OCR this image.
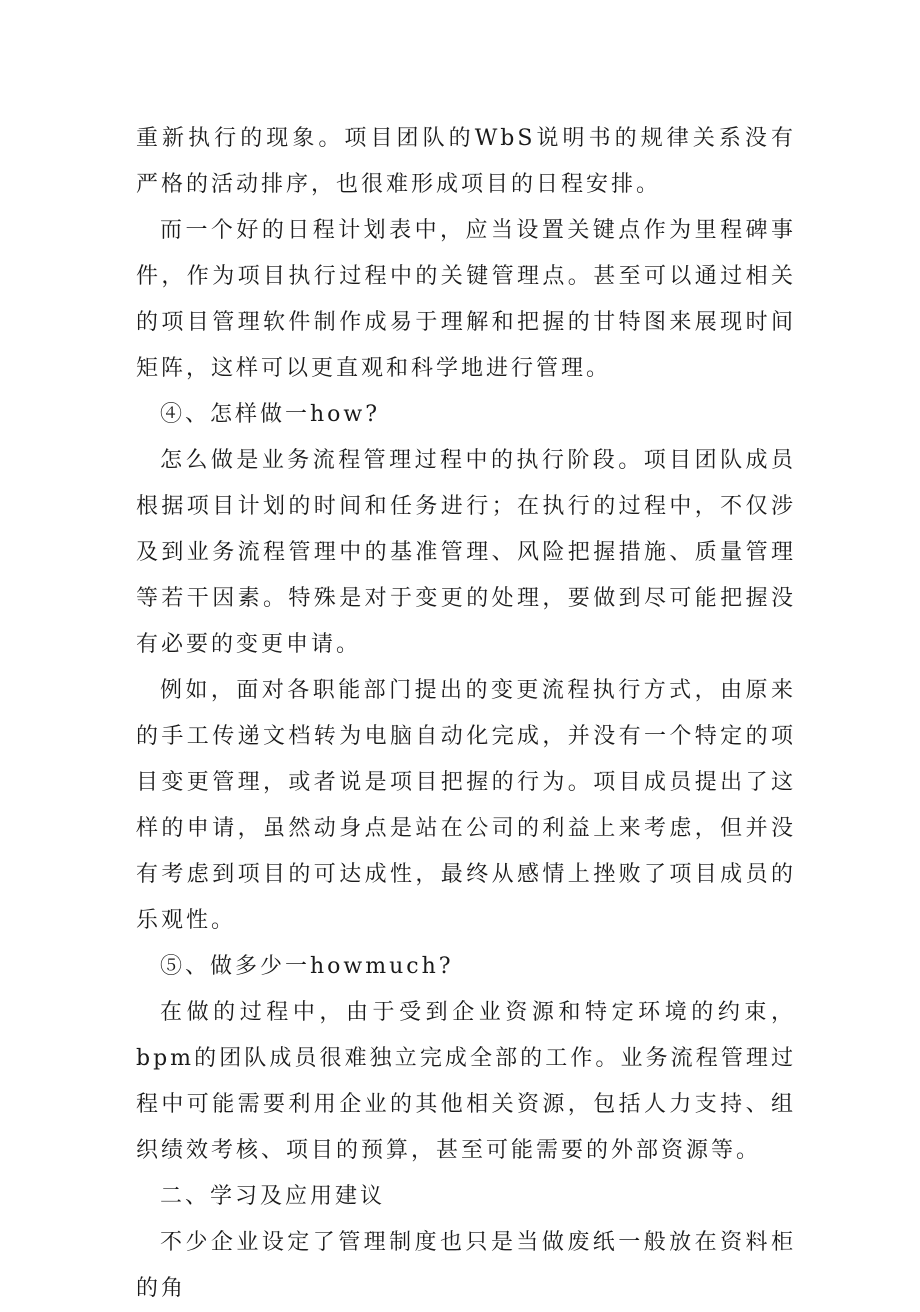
重新执行的现象。项目团队的WbS说明书的规律关系没有严格的活动排序，也很难形成项目的日程安排。

而一个好的日程计划表中，应当设置关键点作为里程碑事件，作为项目执行过程中的关键管理点。甚至可以通过相关的项目管理软件制作成易于理解和把握的甘特图来展现时间矩阵，这样可以更直观和科学地进行管理。

④、怎样做一how?

怎么做是业务流程管理过程中的执行阶段。项目团队成员根据项目计划的时间和任务进行；在执行的过程中，不仅涉及到业务流程管理中的基准管理、风险把握措施、质量管理等若干因素。特殊是对于变更的处理，要做到尽可能把握没有必要的变更申请。

例如，面对各职能部门提出的变更流程执行方式，由原来的手工传递文档转为电脑自动化完成，并没有一个特定的项目变更管理，或者说是项目把握的行为。项目成员提出了这样的申请，虽然动身点是站在公司的利益上来考虑，但并没有考虑到项目的可达成性，最终从感情上挫败了项目成员的乐观性。

⑤、做多少一howmuch?

在做的过程中，由于受到企业资源和特定环境的约束，bpm的团队成员很难独立完成全部的工作。业务流程管理过程中可能需要利用企业的其他相关资源，包括人力支持、组织绩效考核、项目的预算，甚至可能需要的外部资源等。

二、学习及应用建议

不少企业设定了管理制度也只是当做废纸一般放在资料柜的角
